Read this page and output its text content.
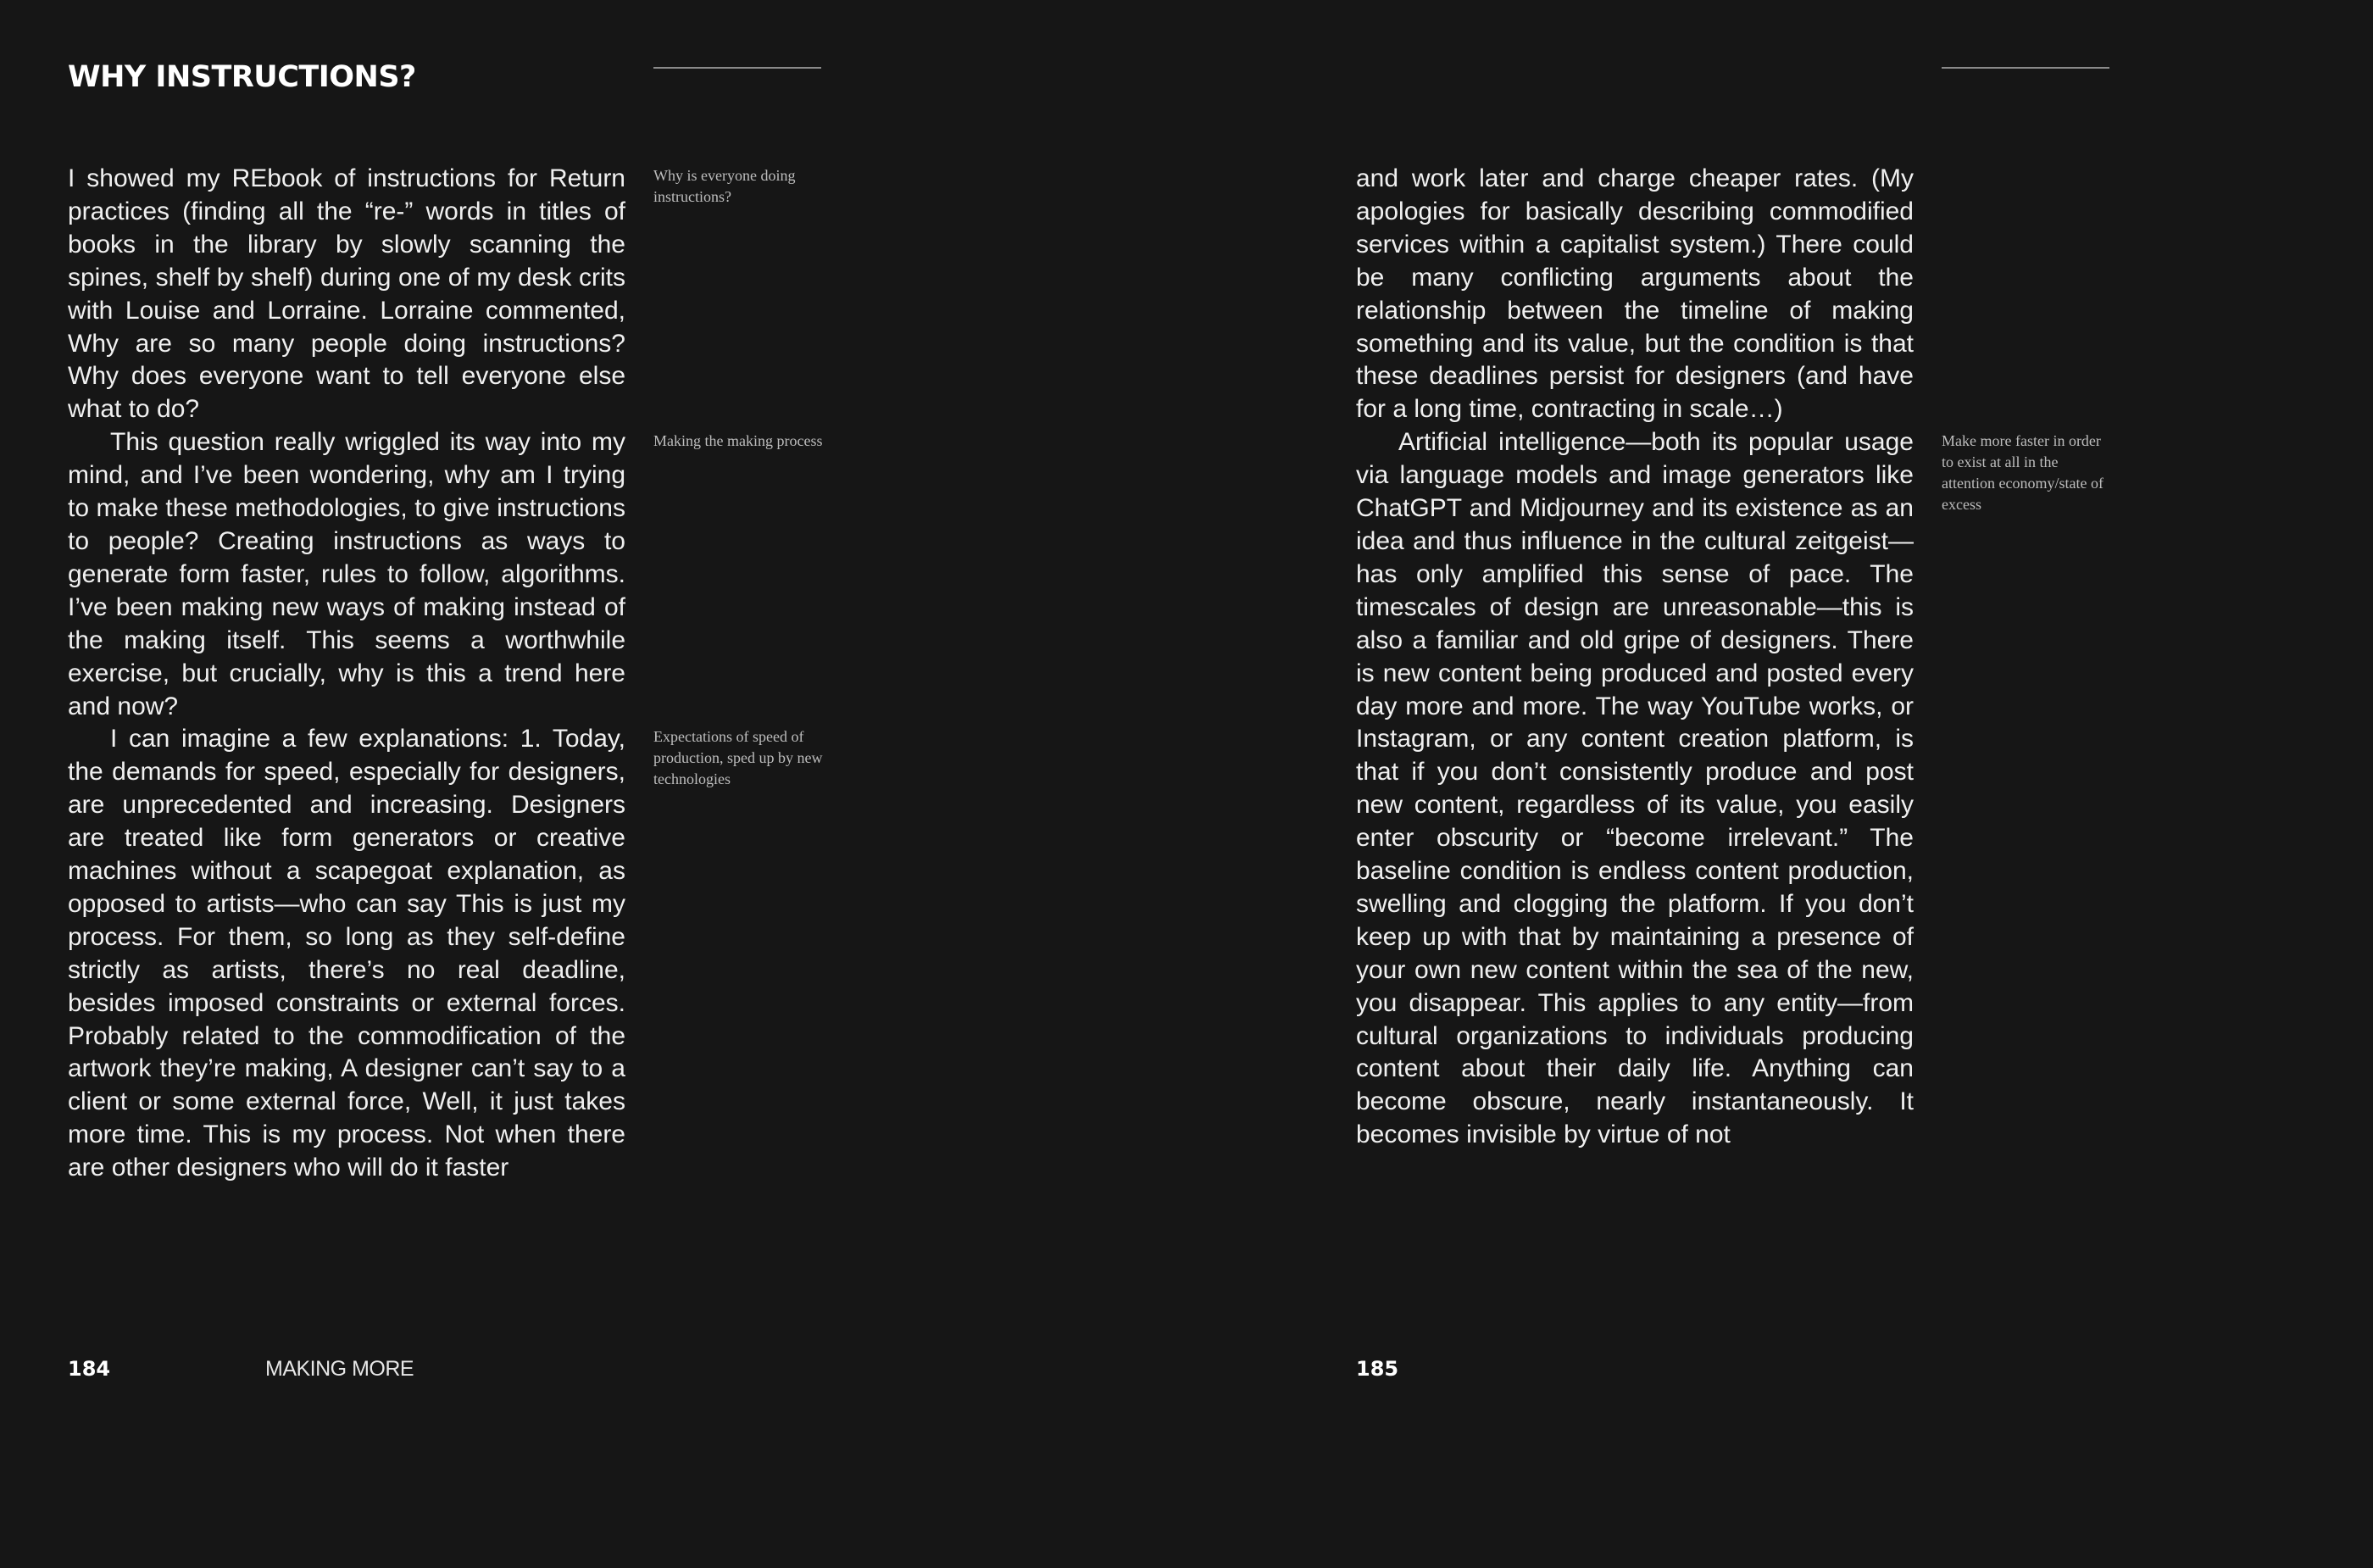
WHY INSTRUCTIONS?

I showed my REbook of instructions for Return practices (finding all the “re-” words in titles of books in the library by slowly scanning the spines, shelf by shelf) during one of my desk crits with Louise and Lorraine. Lorraine commented, Why are so many people doing instructions? Why does everyone want to tell everyone else what to do?

This question really wriggled its way into my mind, and I’ve been wondering, why am I trying to make these methodologies, to give instructions to people? Creating instructions as ways to generate form faster, rules to follow, algorithms. I’ve been making new ways of making instead of the making itself. This seems a worthwhile exercise, but crucially, why is this a trend here and now?

I can imagine a few explanations: 1. Today, the demands for speed, especially for designers, are unprecedented and increasing. Designers are treated like form generators or creative machines without a scapegoat explanation, as opposed to artists—who can say This is just my process. For them, so long as they self-define strictly as artists, there’s no real deadline, besides imposed constraints or external forces. Probably related to the commodification of the artwork they’re making, A designer can’t say to a client or some external force, Well, it just takes more time. This is my process. Not when there are other designers who will do it faster

Why is everyone doing instructions?

Making the making process

Expectations of speed of production, sped up by new technologies

184	MAKING MORE

and work later and charge cheaper rates. (My apologies for basically describing commodified services within a capitalist system.) There could be many conflicting arguments about the relationship between the timeline of making something and its value, but the condition is that these deadlines persist for designers (and have for a long time, contracting in scale…)

Artificial intelligence—both its popular usage via language models and image generators like ChatGPT and Midjourney and its existence as an idea and thus influence in the cultural zeitgeist—has only amplified this sense of pace. The timescales of design are unreasonable—this is also a familiar and old gripe of designers. There is new content being produced and posted every day more and more. The way YouTube works, or Instagram, or any content creation platform, is that if you don’t consistently produce and post new content, regardless of its value, you easily enter obscurity or “become irrelevant.” The baseline condition is endless content production, swelling and clogging the platform. If you don’t keep up with that by maintaining a presence of your own new content within the sea of the new, you disappear. This applies to any entity—from cultural organizations to individuals producing content about their daily life. Anything can become obscure, nearly instantaneously. It becomes invisible by virtue of not

Make more faster in order to exist at all in the attention economy/state of excess

185
